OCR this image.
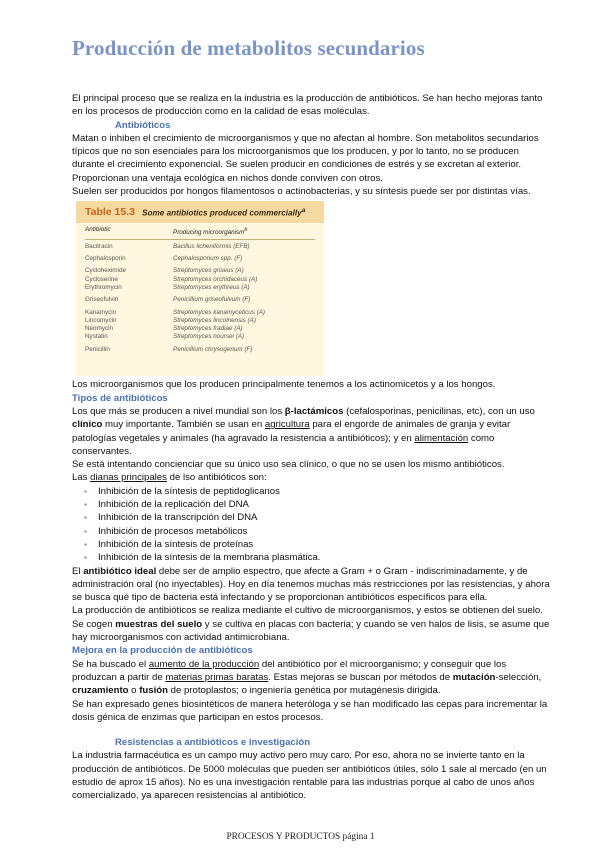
Producción de metabolitos secundarios

El principal proceso que se realiza en la industria es la producción de antibióticos. Se han hecho mejoras tanto en los procesos de producción como en la calidad de esas moléculas.

Antibióticos

Matan o inhiben el crecimiento de microorganismos y que no afectan al hombre. Son metabolitos secundarios típicos que no son esenciales para los microorganismos que los producen, y por lo tanto, no se producen durante el crecimiento exponencial. Se suelen producir en condiciones de estrés y se excretan al exterior. Proporcionan una ventaja ecológica en nichos donde conviven con otros.

Suelen ser producidos por hongos filamentosos o actinobacterias, y su síntesis puede ser por distintas vías.

Table 15.3 Some antibiotics produced commercially$^a$
Antibiotic	Producing microorganism$^b$
Bacitracin	Bacillus licheniformis (EFB)
Cephalosporin	Cephalosporium spp. (F)
Cycloheximide	Streptomyces griseus (A)
Cycloserine	Streptomyces orchidaceus (A)
Erythromycin	Streptomyces erythreus (A)
Griseofulvin	Penicillium griseofulvum (F)
Kanamycin	Streptomyces kanamyceticus (A)
Lincomycin	Streptomyces lincolnensis (A)
Neomycin	Streptomyces fradiae (A)
Nystatin	Streptomyces noursei (A)
Penicillin	Penicillium chrysogenum (F)

Los microorganismos que los producen principalmente tenemos a los actinomicetos y a los hongos.

Tipos de antibióticos

Los que más se producen a nivel mundial son los β-lactámicos (cefalosporinas, penicilinas, etc), con un uso clínico muy importante. También se usan en agricultura para el engorde de animales de granja y evitar patologías vegetales y animales (ha agravado la resistencia a antibióticos); y en alimentación como conservantes.

Se está intentando concienciar que su único uso sea clínico, o que no se usen los mismo antibióticos.

Las dianas principales de lso antibióticos son:

▪ Inhibición de la síntesis de peptidoglicanos
▪ Inhibición de la replicación del DNA
▪ Inhibición de la transcripción del DNA
▪ Inhibición de procesos metabólicos
▪ Inhibición de la síntesis de proteínas
▪ Inhibición de la síntesis de la membrana plasmática.

El antibiótico ideal debe ser de amplio espectro, que afecte a Gram + o Gram - indiscriminadamente, y de administración oral (no inyectables). Hoy en día tenemos muchas más restricciones por las resistencias, y ahora se busca qué tipo de bacteria está infectando y se proporcionan antibióticos específicos para ella.

La producción de antibióticos se realiza mediante el cultivo de microorganismos, y estos se obtienen del suelo.

Se cogen muestras del suelo y se cultiva en placas con bacteria; y cuando se ven halos de lisis, se asume que hay microorganismos con actividad antimicrobiana.

Mejora en la producción de antibióticos

Se ha buscado el aumento de la producción del antibiótico por el microorganismo; y conseguir que los produzcan a partir de materias primas baratas. Estas mejoras se buscan por métodos de mutación-selección, cruzamiento o fusión de protoplastos; o ingeniería genética por mutagénesis dirigida.

Se han expresado genes biosintéticos de manera heteróloga y se han modificado las cepas para incrementar la dosis génica de enzimas que participan en estos procesos.

Resistencias a antibióticos e investigación

La industria farmacéutica es un campo muy activo pero muy caro. Por eso, ahora no se invierte tanto en la producción de antibióticos. De 5000 moléculas que pueden ser antibióticos útiles, sólo 1 sale al mercado (en un estudio de aprox 15 años). No es una investigación rentable para las industrias porque al cabo de unos años comercializado, ya aparecen resistencias al antibiótico.

PROCESOS Y PRODUCTOS página 1
